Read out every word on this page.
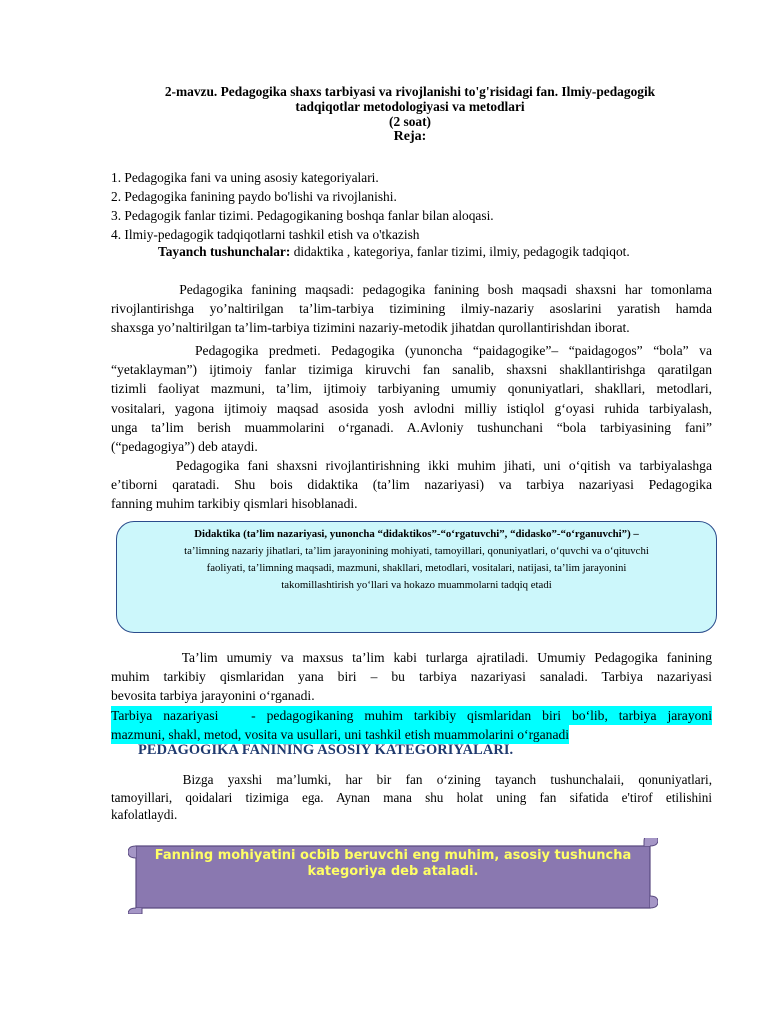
2-mavzu. Pedagogika shaxs tarbiyasi va rivojlanishi to'g'risidagi fan. Ilmiy-pedagogik
tadqiqotlar metodologiyasi va metodlari
(2 soat)
Reja:
1. Pedagogika fani va uning asosiy kategoriyalari.
2. Pedagogika fanining paydo bo'lishi va rivojlanishi.
3. Pedagogik fanlar tizimi. Pedagogikaning boshqa fanlar bilan aloqasi.
4. Ilmiy-pedagogik tadqiqotlarni tashkil etish va o'tkazish
Tayanch tushunchalar: didaktika , kategoriya, fanlar tizimi, ilmiy, pedagogik tadqiqot.
Pedagogika fanining maqsadi: pedagogika fanining bosh maqsadi shaxsni har tomonlama
rivojlantirishga yo’naltirilgan ta’lim-tarbiya tizimining ilmiy-nazariy asoslarini yaratish hamda
shaxsga yo’naltirilgan ta’lim-tarbiya tizimini nazariy-metodik jihatdan qurollantirishdan iborat.
Pedagogika predmeti. Pedagogika (yunoncha “paidagogike”– “paidagogos” “bola” va
“yetaklayman”) ijtimoiy fanlar tizimiga kiruvchi fan sanalib, shaxsni shakllantirishga qaratilgan
tizimli faoliyat mazmuni, ta’lim, ijtimoiy tarbiyaning umumiy qonuniyatlari, shakllari, metodlari,
vositalari, yagona ijtimoiy maqsad asosida yosh avlodni milliy istiqlol g‘oyasi ruhida tarbiyalash,
unga ta’lim berish muammolarini o‘rganadi. A.Avloniy tushunchani “bola tarbiyasining fani”
(“pedagogiya”) deb ataydi.
Pedagogika fani shaxsni rivojlantirishning ikki muhim jihati, uni o‘qitish va tarbiyalashga
e’tiborni qaratadi. Shu bois didaktika (ta’lim nazariyasi) va tarbiya nazariyasi Pedagogika
fanning muhim tarkibiy qismlari hisoblanadi.
Didaktika (ta’lim nazariyasi, yunoncha “didaktikos”-“o‘rgatuvchi”, “didasko”-“o‘rganuvchi”) –
ta’limning nazariy jihatlari, ta’lim jarayonining mohiyati, tamoyillari, qonuniyatlari, o‘quvchi va o‘qituvchi
faoliyati, ta’limning maqsadi, mazmuni, shakllari, metodlari, vositalari, natijasi, ta’lim jarayonini
takomillashtirish yo‘llari va hokazo muammolarni tadqiq etadi
Ta’lim umumiy va maxsus ta’lim kabi turlarga ajratiladi. Umumiy Pedagogika fanining
muhim tarkibiy qismlaridan yana biri – bu tarbiya nazariyasi sanaladi. Tarbiya nazariyasi
bevosita tarbiya jarayonini o‘rganadi.
Tarbiya nazariyasi   - pedagogikaning muhim tarkibiy qismlaridan biri bo‘lib, tarbiya jarayoni
mazmuni, shakl, metod, vosita va usullari, uni tashkil etish muammolarini o‘rganadi
PEDAGOGIKA FANINING ASOSIY KATEGORIYALARI.
Bizga yaxshi ma’lumki, har bir fan o‘zining tayanch tushunchalaii, qonuniyatlari,
tamoyillari, qoidalari tizimiga ega. Aynan mana shu holat uning fan sifatida e'tirof etilishini
kafolatlaydi.
Fanning mohiyatini ocbib beruvchi eng muhim, asosiy tushuncha
kategoriya deb ataladi.
